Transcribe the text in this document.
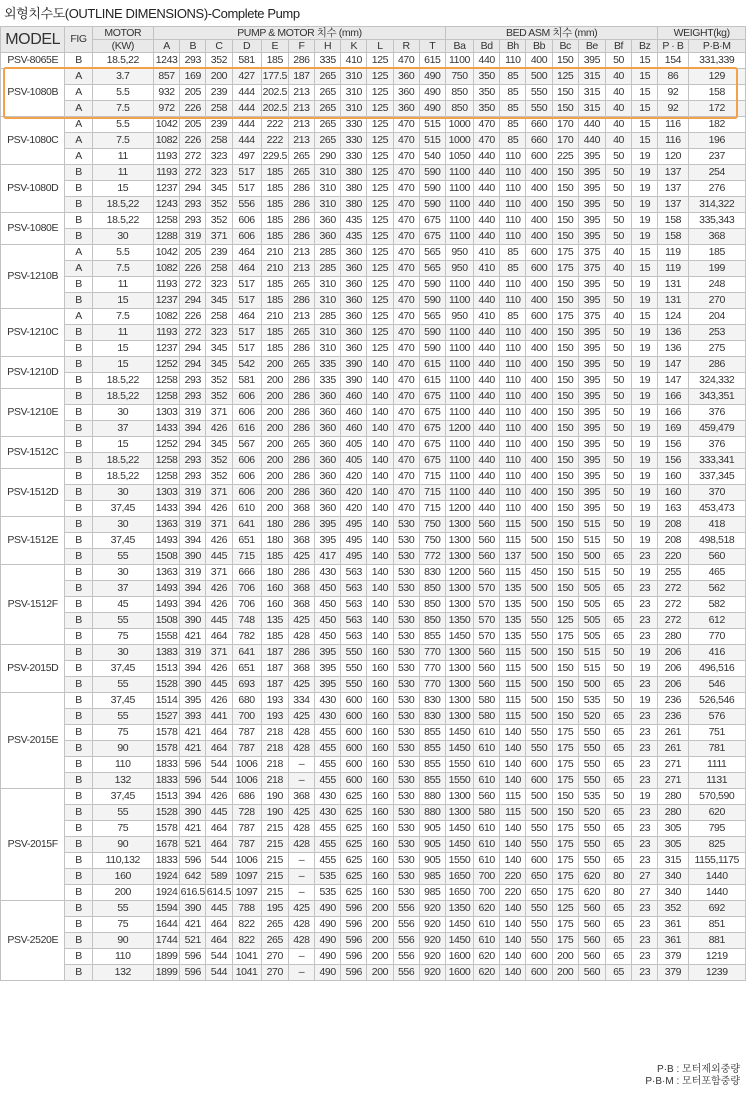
외형치수도(OUTLINE DIMENSIONS)-Complete Pump
MODEL	FIG	MOTOR	PUMP & MOTOR 치수 (mm)											BED ASM 치수 (mm)								WEIGHT(kg)	
		(KW)	A	B	C	D	E	F	H	K	L	R	T	Ba	Bd	Bh	Bb	Bc	Be	Bf	Bz	P · B	P·B·M
PSV-8065E	B	18.5,22	1243	293	352	581	185	286	335	410	125	470	615	1100	440	110	400	150	395	50	15	154	331,339
PSV-1080B	A	3.7	857	169	200	427	177.5	187	265	310	125	360	490	750	350	85	500	125	315	40	15	86	129
	A	5.5	932	205	239	444	202.5	213	265	310	125	360	490	850	350	85	550	150	315	40	15	92	158
	A	7.5	972	226	258	444	202.5	213	265	310	125	360	490	850	350	85	550	150	315	40	15	92	172
PSV-1080C	A	5.5	1042	205	239	444	222	213	265	330	125	470	515	1000	470	85	660	170	440	40	15	116	182
	A	7.5	1082	226	258	444	222	213	265	330	125	470	515	1000	470	85	660	170	440	40	15	116	196
	A	11	1193	272	323	497	229.5	265	290	330	125	470	540	1050	440	110	600	225	395	50	19	120	237
PSV-1080D	B	11	1193	272	323	517	185	265	310	380	125	470	590	1100	440	110	400	150	395	50	19	137	254
	B	15	1237	294	345	517	185	286	310	380	125	470	590	1100	440	110	400	150	395	50	19	137	276
	B	18.5,22	1243	293	352	556	185	286	310	380	125	470	590	1100	440	110	400	150	395	50	19	137	314,322
PSV-1080E	B	18.5,22	1258	293	352	606	185	286	360	435	125	470	675	1100	440	110	400	150	395	50	19	158	335,343
	B	30	1288	319	371	606	185	286	360	435	125	470	675	1100	440	110	400	150	395	50	19	158	368
PSV-1210B	A	5.5	1042	205	239	464	210	213	285	360	125	470	565	950	410	85	600	175	375	40	15	119	185
	A	7.5	1082	226	258	464	210	213	285	360	125	470	565	950	410	85	600	175	375	40	15	119	199
	B	11	1193	272	323	517	185	265	310	360	125	470	590	1100	440	110	400	150	395	50	19	131	248
	B	15	1237	294	345	517	185	286	310	360	125	470	590	1100	440	110	400	150	395	50	19	131	270
PSV-1210C	A	7.5	1082	226	258	464	210	213	285	360	125	470	565	950	410	85	600	175	375	40	15	124	204
	B	11	1193	272	323	517	185	265	310	360	125	470	590	1100	440	110	400	150	395	50	19	136	253
	B	15	1237	294	345	517	185	286	310	360	125	470	590	1100	440	110	400	150	395	50	19	136	275
PSV-1210D	B	15	1252	294	345	542	200	265	335	390	140	470	615	1100	440	110	400	150	395	50	19	147	286
	B	18.5,22	1258	293	352	581	200	286	335	390	140	470	615	1100	440	110	400	150	395	50	19	147	324,332
PSV-1210E	B	18.5,22	1258	293	352	606	200	286	360	460	140	470	675	1100	440	110	400	150	395	50	19	166	343,351
	B	30	1303	319	371	606	200	286	360	460	140	470	675	1100	440	110	400	150	395	50	19	166	376
	B	37	1433	394	426	616	200	286	360	460	140	470	675	1200	440	110	400	150	395	50	19	169	459,479
PSV-1512C	B	15	1252	294	345	567	200	265	360	405	140	470	675	1100	440	110	400	150	395	50	19	156	376
	B	18.5,22	1258	293	352	606	200	286	360	405	140	470	675	1100	440	110	400	150	395	50	19	156	333,341
PSV-1512D	B	18.5,22	1258	293	352	606	200	286	360	420	140	470	715	1100	440	110	400	150	395	50	19	160	337,345
	B	30	1303	319	371	606	200	286	360	420	140	470	715	1100	440	110	400	150	395	50	19	160	370
	B	37,45	1433	394	426	610	200	368	360	420	140	470	715	1200	440	110	400	150	395	50	19	163	453,473
PSV-1512E	B	30	1363	319	371	641	180	286	395	495	140	530	750	1300	560	115	500	150	515	50	19	208	418
	B	37,45	1493	394	426	651	180	368	395	495	140	530	750	1300	560	115	500	150	515	50	19	208	498,518
	B	55	1508	390	445	715	185	425	417	495	140	530	772	1300	560	137	500	150	500	65	23	220	560
PSV-1512F	B	30	1363	319	371	666	180	286	430	563	140	530	830	1200	560	115	450	150	515	50	19	255	465
	B	37	1493	394	426	706	160	368	450	563	140	530	850	1300	570	135	500	150	505	65	23	272	562
	B	45	1493	394	426	706	160	368	450	563	140	530	850	1300	570	135	500	150	505	65	23	272	582
	B	55	1508	390	445	748	135	425	450	563	140	530	850	1350	570	135	550	125	505	65	23	272	612
	B	75	1558	421	464	782	185	428	450	563	140	530	855	1450	570	135	550	175	505	65	23	280	770
PSV-2015D	B	30	1383	319	371	641	187	286	395	550	160	530	770	1300	560	115	500	150	515	50	19	206	416
	B	37,45	1513	394	426	651	187	368	395	550	160	530	770	1300	560	115	500	150	515	50	19	206	496,516
	B	55	1528	390	445	693	187	425	395	550	160	530	770	1300	560	115	500	150	500	65	23	206	546
PSV-2015E	B	37,45	1514	395	426	680	193	334	430	600	160	530	830	1300	580	115	500	150	535	50	19	236	526,546
	B	55	1527	393	441	700	193	425	430	600	160	530	830	1300	580	115	500	150	520	65	23	236	576
	B	75	1578	421	464	787	218	428	455	600	160	530	855	1450	610	140	550	175	550	65	23	261	751
	B	90	1578	421	464	787	218	428	455	600	160	530	855	1450	610	140	550	175	550	65	23	261	781
	B	110	1833	596	544	1006	218	–	455	600	160	530	855	1550	610	140	600	175	550	65	23	271	1111
	B	132	1833	596	544	1006	218	–	455	600	160	530	855	1550	610	140	600	175	550	65	23	271	1131
PSV-2015F	B	37,45	1513	394	426	686	190	368	430	625	160	530	880	1300	560	115	500	150	535	50	19	280	570,590
	B	55	1528	390	445	728	190	425	430	625	160	530	880	1300	580	115	500	150	520	65	23	280	620
	B	75	1578	421	464	787	215	428	455	625	160	530	905	1450	610	140	550	175	550	65	23	305	795
	B	90	1678	521	464	787	215	428	455	625	160	530	905	1450	610	140	550	175	550	65	23	305	825
	B	110,132	1833	596	544	1006	215	–	455	625	160	530	905	1550	610	140	600	175	550	65	23	315	1155,1175
	B	160	1924	642	589	1097	215	–	535	625	160	530	985	1650	700	220	650	175	620	80	27	340	1440
	B	200	1924	616.5	614.5	1097	215	–	535	625	160	530	985	1650	700	220	650	175	620	80	27	340	1440
PSV-2520E	B	55	1594	390	445	788	195	425	490	596	200	556	920	1350	620	140	550	125	560	65	23	352	692
	B	75	1644	421	464	822	265	428	490	596	200	556	920	1450	610	140	550	175	560	65	23	361	851
	B	90	1744	521	464	822	265	428	490	596	200	556	920	1450	610	140	550	175	560	65	23	361	881
	B	110	1899	596	544	1041	270	–	490	596	200	556	920	1600	620	140	600	200	560	65	23	379	1219
	B	132	1899	596	544	1041	270	–	490	596	200	556	920	1600	620	140	600	200	560	65	23	379	1239
P·B : 모터제외중량
P·B·M : 모터포함중량
